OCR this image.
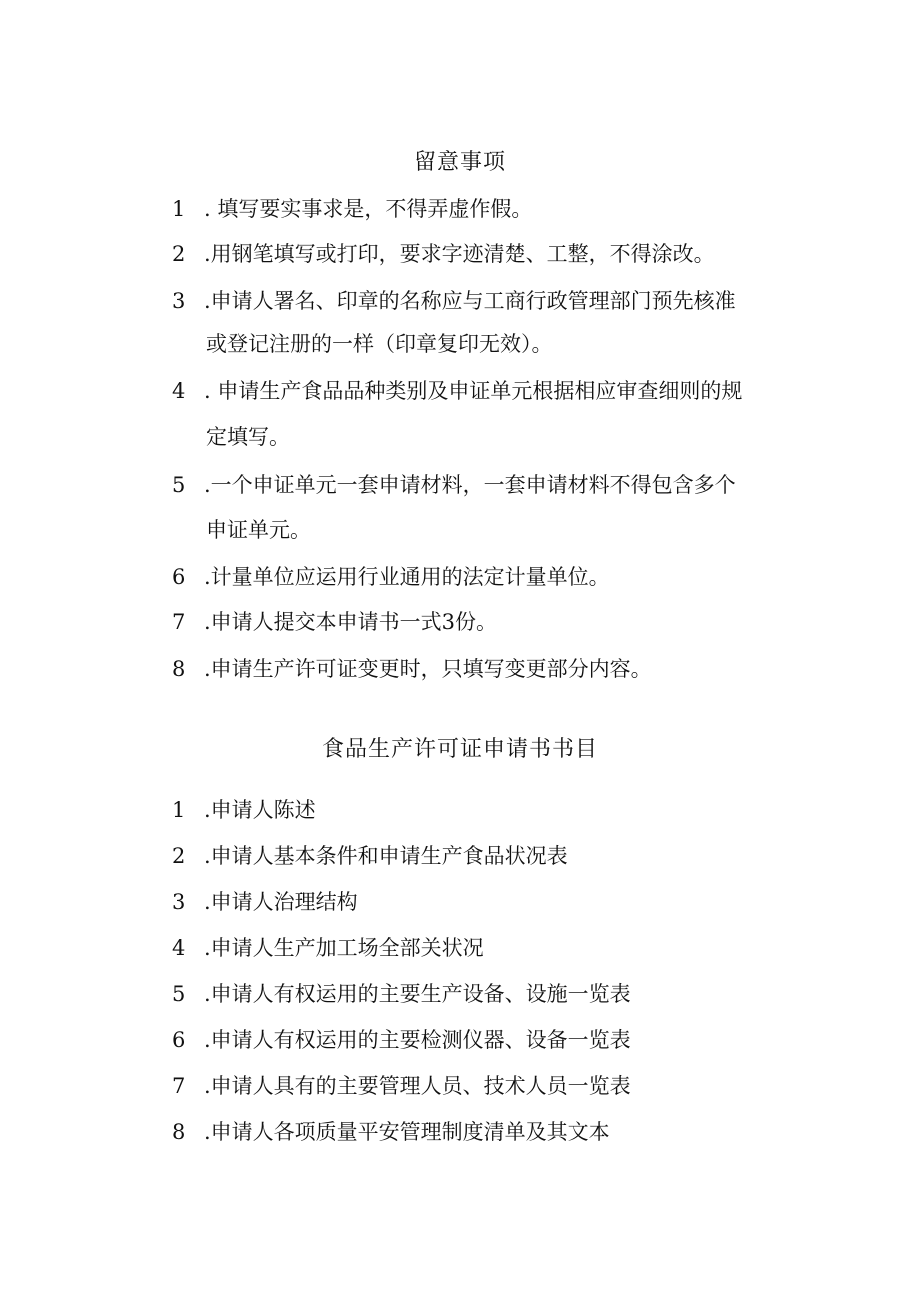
留意事项
1 . 填写要实事求是，不得弄虚作假。
2 .用钢笔填写或打印，要求字迹清楚、工整，不得涂改。
3 .申请人署名、印章的名称应与工商行政管理部门预先核准
或登记注册的一样（印章复印无效）。
4 . 申请生产食品品种类别及申证单元根据相应审查细则的规
定填写。
5 .一个申证单元一套申请材料，一套申请材料不得包含多个
申证单元。
6 .计量单位应运用行业通用的法定计量单位。
7 .申请人提交本申请书一式3份。
8 .申请生产许可证变更时，只填写变更部分内容。
食品生产许可证申请书书目
1 .申请人陈述
2 .申请人基本条件和申请生产食品状况表
3 .申请人治理结构
4 .申请人生产加工场全部关状况
5 .申请人有权运用的主要生产设备、设施一览表
6 .申请人有权运用的主要检测仪器、设备一览表
7 .申请人具有的主要管理人员、技术人员一览表
8 .申请人各项质量平安管理制度清单及其文本
